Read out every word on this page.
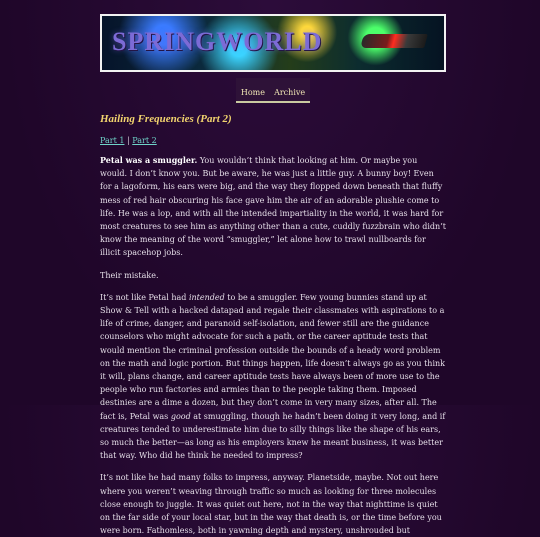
SPRINGWORLD
Home Archive
Hailing Frequencies (Part 2)
Part 1 | Part 2

Petal was a smuggler. You wouldn’t think that looking at him. Or maybe you would. I don’t know you. But be aware, he was just a little guy. A bunny boy! Even for a lagoform, his ears were big, and the way they flopped down beneath that fluffy mess of red hair obscuring his face gave him the air of an adorable plushie come to life. He was a lop, and with all the intended impartiality in the world, it was hard for most creatures to see him as anything other than a cute, cuddly fuzzbrain who didn’t know the meaning of the word “smuggler,” let alone how to trawl nullboards for illicit spacehop jobs.

Their mistake.

It’s not like Petal had intended to be a smuggler. Few young bunnies stand up at Show & Tell with a hacked datapad and regale their classmates with aspirations to a life of crime, danger, and paranoid self-isolation, and fewer still are the guidance counselors who might advocate for such a path, or the career aptitude tests that would mention the criminal profession outside the bounds of a heady word problem on the math and logic portion. But things happen, life doesn’t always go as you think it will, plans change, and career aptitude tests have always been of more use to the people who run factories and armies than to the people taking them. Imposed destinies are a dime a dozen, but they don’t come in very many sizes, after all. The fact is, Petal was good at smuggling, though he hadn’t been doing it very long, and if creatures tended to underestimate him due to silly things like the shape of his ears, so much the better—as long as his employers knew he meant business, it was better that way. Who did he think he needed to impress?

It’s not like he had many folks to impress, anyway. Planetside, maybe. Not out here where you weren’t weaving through traffic so much as looking for three molecules close enough to juggle. It was quiet out here, not in the way that nighttime is quiet on the far side of your local star, but in the way that death is, or the time before you were born. Fathomless, both in yawning depth and mystery, unshrouded but
